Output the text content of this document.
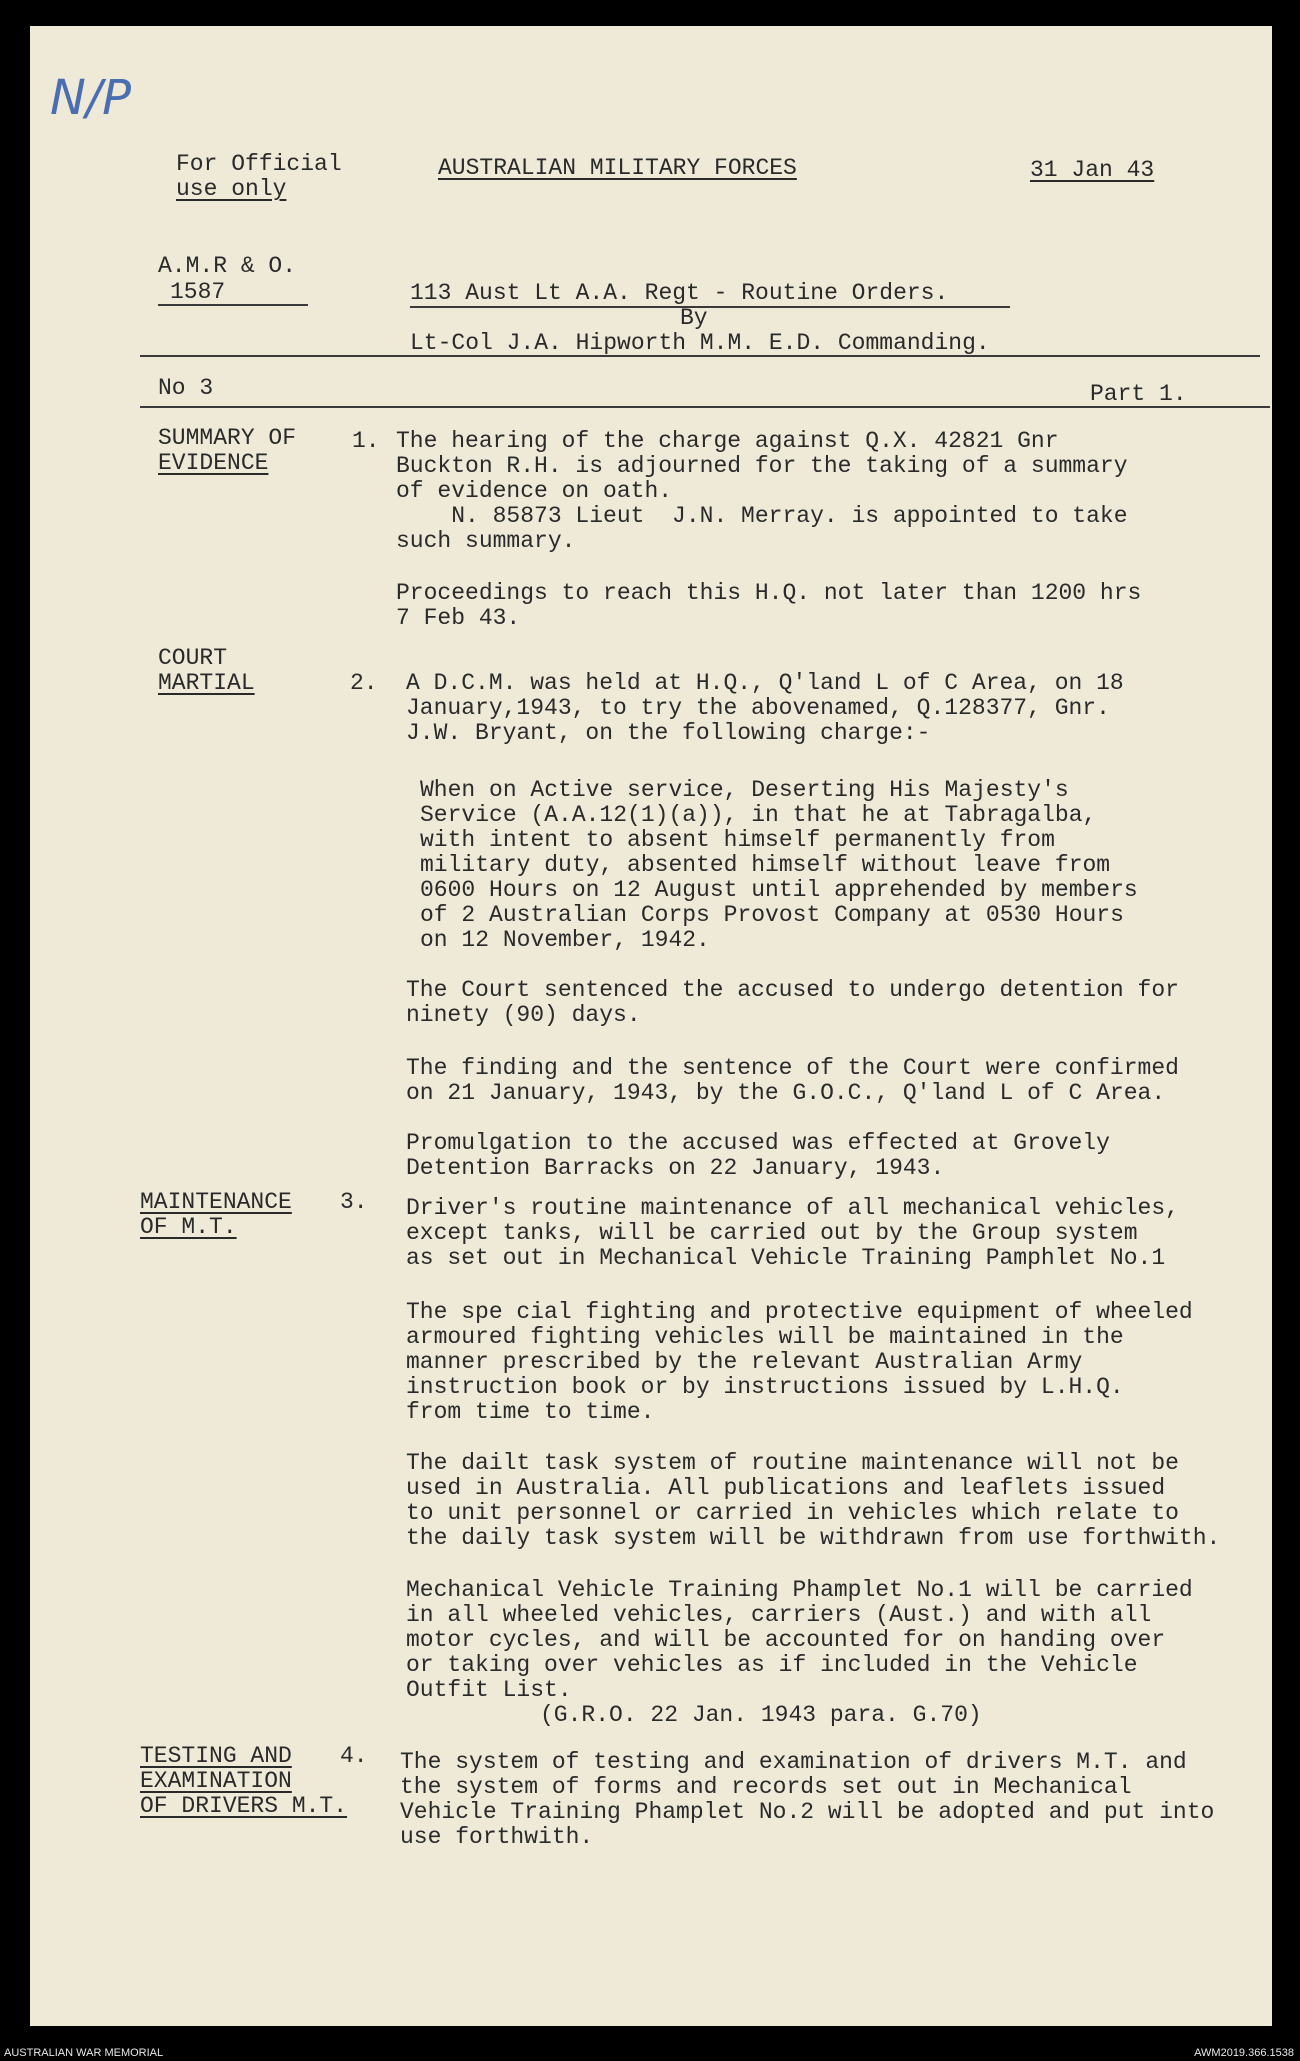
N/P
For Official
use only
AUSTRALIAN MILITARY FORCES	31 Jan 43
A.M.R & O.
1587	113 Aust Lt A.A. Regt - Routine Orders.
By
Lt-Col J.A. Hipworth M.M. E.D. Commanding.
No 3	Part 1.
SUMMARY OF
EVIDENCE
1. The hearing of the charge against Q.X. 42821 Gnr
Buckton R.H. is adjourned for the taking of a summary
of evidence on oath.
N. 85873 Lieut  J.N. Merray. is appointed to take
such summary.
Proceedings to reach this H.Q. not later than 1200 hrs
7 Feb 43.
COURT
MARTIAL	2. A D.C.M. was held at H.Q., Q'land L of C Area, on 18
January,1943, to try the abovenamed, Q.128377, Gnr.
J.W. Bryant, on the following charge:-
When on Active service, Deserting His Majesty's
Service (A.A.12(1)(a)), in that he at Tabragalba,
with intent to absent himself permanently from
military duty, absented himself without leave from
0600 Hours on 12 August until apprehended by members
of 2 Australian Corps Provost Company at 0530 Hours
on 12 November, 1942.
The Court sentenced the accused to undergo detention for
ninety (90) days.
The finding and the sentence of the Court were confirmed
on 21 January, 1943, by the G.O.C., Q'land L of C Area.
Promulgation to the accused was effected at Grovely
Detention Barracks on 22 January, 1943.
MAINTENANCE
OF M.T.
3. Driver's routine maintenance of all mechanical vehicles,
except tanks, will be carried out by the Group system
as set out in Mechanical Vehicle Training Pamphlet No.1
The spe cial fighting and protective equipment of wheeled
armoured fighting vehicles will be maintained in the
manner prescribed by the relevant Australian Army
instruction book or by instructions issued by L.H.Q.
from time to time.
The dailt task system of routine maintenance will not be
used in Australia. All publications and leaflets issued
to unit personnel or carried in vehicles which relate to
the daily task system will be withdrawn from use forthwith.
Mechanical Vehicle Training Phamplet No.1 will be carried
in all wheeled vehicles, carriers (Aust.) and with all
motor cycles, and will be accounted for on handing over
or taking over vehicles as if included in the Vehicle
Outfit List.
(G.R.O. 22 Jan. 1943 para. G.70)
TESTING AND
EXAMINATION
OF DRIVERS M.T.
4. The system of testing and examination of drivers M.T. and
the system of forms and records set out in Mechanical
Vehicle Training Phamplet No.2 will be adopted and put into
use forthwith.
AUSTRALIAN WAR MEMORIAL	AWM2019.366.1538
